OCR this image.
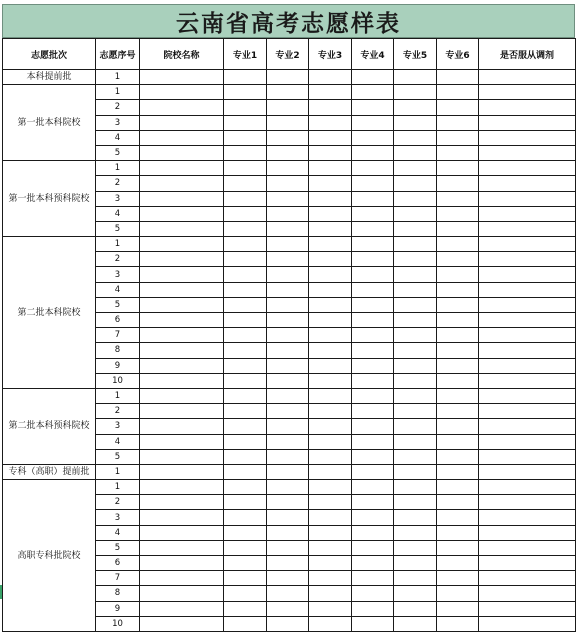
云南省高考志愿样表
志愿批次	志愿序号	院校名称	专业1	专业2	专业3	专业4	专业5	专业6	是否服从调剂
本科提前批	1								
第一批本科院校	1								
	2								
	3								
	4								
	5								
第一批本科预科院校	1								
	2								
	3								
	4								
	5								
第二批本科院校	1								
	2								
	3								
	4								
	5								
	6								
	7								
	8								
	9								
	10								
第二批本科预科院校	1								
	2								
	3								
	4								
	5								
专科（高职）提前批	1								
高职专科批院校	1								
	2								
	3								
	4								
	5								
	6								
	7								
	8								
	9								
	10								
